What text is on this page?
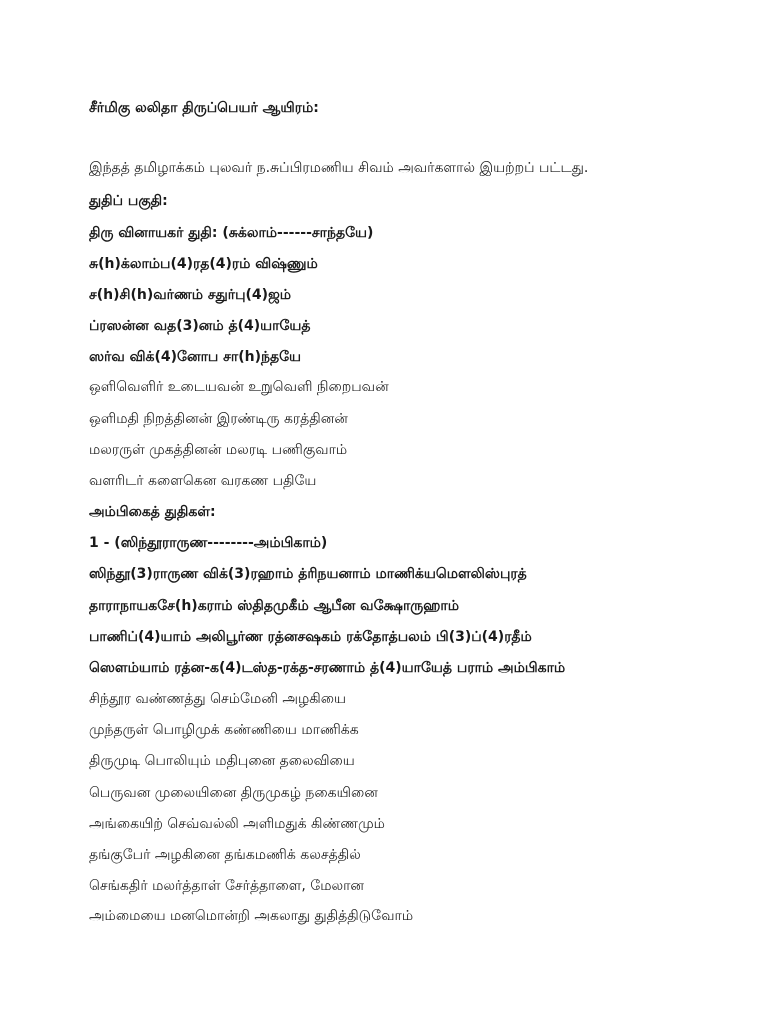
சீர்மிகு லலிதா திருப்பெயர் ஆயிரம்:
இந்தத் தமிழாக்கம் புலவர் ந.சுப்பிரமணிய சிவம் அவர்களால் இயற்றப் பட்டது.
துதிப் பகுதி:
திரு வினாயகர் துதி: (சுக்லாம்------சாந்தயே)
சு(h)க்லாம்ப(4)ரத(4)ரம் விஷ்ணும்
ச(h)சி(h)வர்ணம் சதுர்பு(4)ஜம்
ப்ரஸன்ன வத(3)னம் த்(4)யாயேத்
ஸர்வ விக்(4)னோப சா(h)ந்தயே
ஒளிவெளிர் உடையவன் உறுவெளி நிறைபவன்
ஒளிமதி நிறத்தினன் இரண்டிரு கரத்தினன்
மலரருள் முகத்தினன் மலரடி பணிகுவாம்
வளரிடர் களைகென வரகண பதியே
அம்பிகைத் துதிகள்:
1 - (ஸிந்தூராருண--------அம்பிகாம்)
ஸிந்தூ(3)ராருண விக்(3)ரஹாம் த்ரிநயனாம் மாணிக்யமௌலிஸ்புரத்
தாராநாயகசே(h)கராம் ஸ்திதமுகீம் ஆபீன வக்ஷோருஹாம்
பாணிப்(4)யாம் அலிபூர்ண ரத்னசஷகம் ரக்தோத்பலம் பி(3)ப்(4)ரதீம்
ஸௌம்யாம் ரத்ன-க(4)டஸ்த-ரக்த-சரணாம் த்(4)யாயேத் பராம் அம்பிகாம்
சிந்தூர வண்ணத்து செம்மேனி அழகியை
முந்தருள் பொழிமுக் கண்ணியை மாணிக்க
திருமுடி பொலியும் மதிபுனை தலைவியை
பெருவன முலையினை திருமுகழ் நகையினை
அங்கையிற் செவ்வல்லி அளிமதுக் கிண்ணமும்
தங்குபேர் அழகினை தங்கமணிக் கலசத்தில்
செங்கதிர் மலர்த்தாள் சேர்த்தாளை, மேலான
அம்மையை மனமொன்றி அகலாது துதித்திடுவோம்
